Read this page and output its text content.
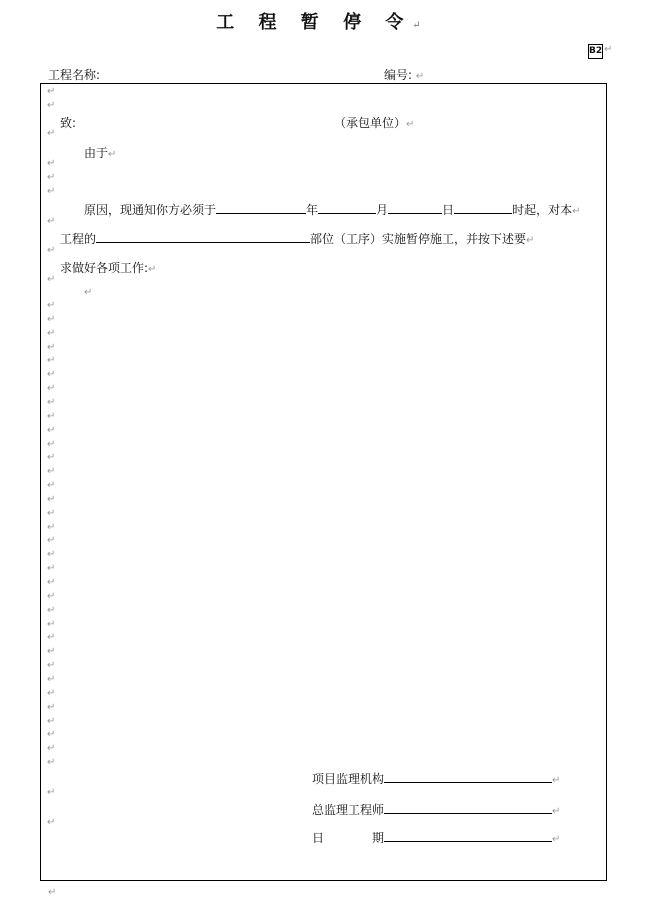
工 程 暂 停 令↵
B2 ↵
工程名称:	编号: ↵
↵
↵
↵
↵
↵
↵
↵
↵
↵
↵
↵
↵
↵
↵
↵
↵
↵
↵
↵
↵
↵
↵
↵
↵
↵
↵
↵
↵
↵
↵
↵
↵
↵
↵
↵
↵
↵
↵
↵
↵
↵
↵
↵
↵
↵
↵
致:	（承包单位）↵
由于↵
原因，现通知你方必须于	年	月	日	时起，对本↵
工程的	部位（工序）实施暂停施工，并按下述要↵
求做好各项工作:↵
↵
项目监理机构	↵
总监理工程师	↵
日	期	↵
